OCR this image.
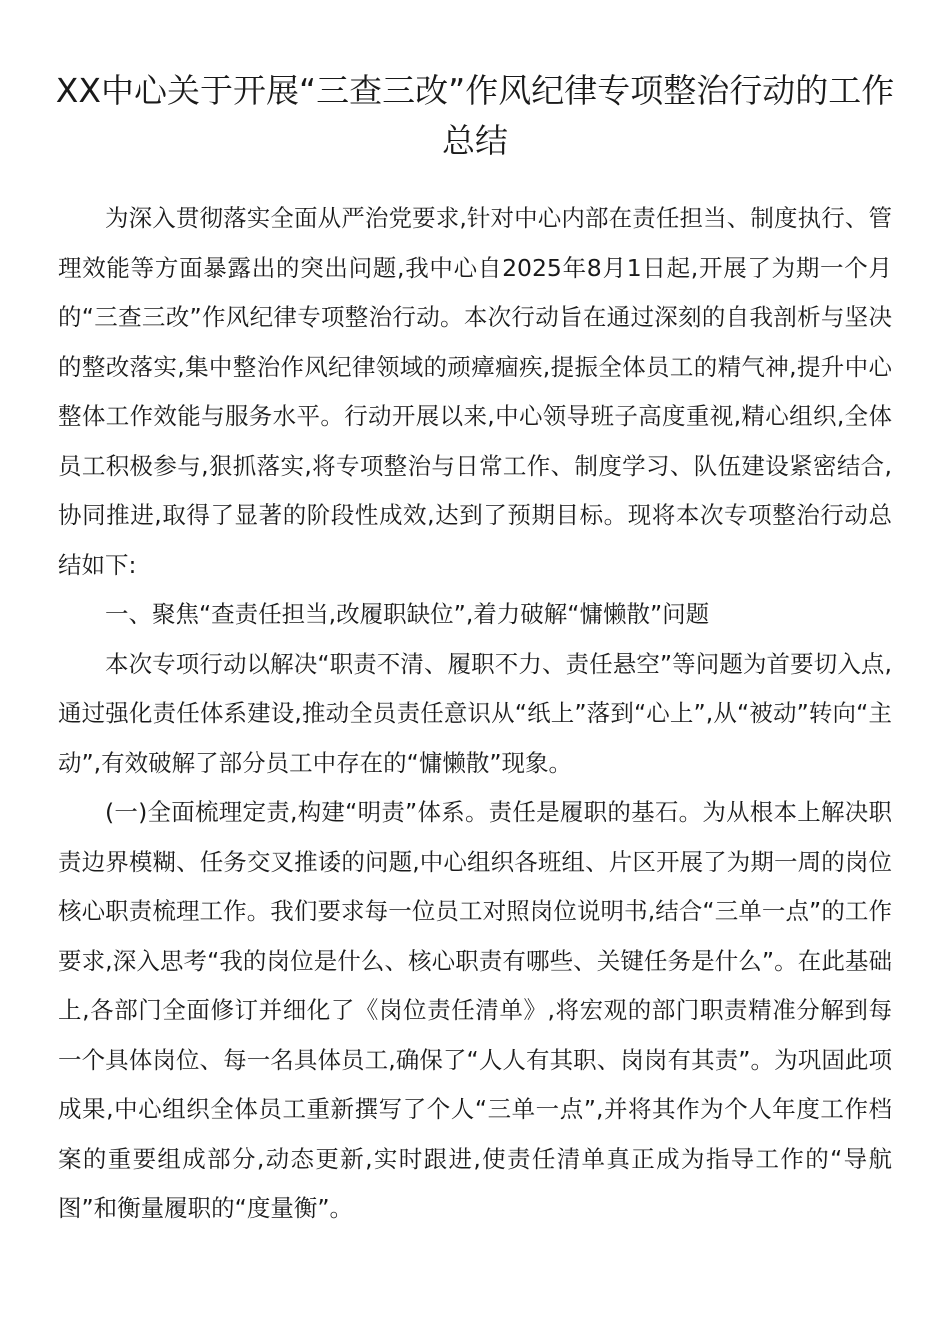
XX中心关于开展“三查三改”作风纪律专项整治行动的工作总结

为深入贯彻落实全面从严治党要求,针对中心内部在责任担当、制度执行、管理效能等方面暴露出的突出问题,我中心自2025年8月1日起,开展了为期一个月的“三查三改”作风纪律专项整治行动。本次行动旨在通过深刻的自我剖析与坚决的整改落实,集中整治作风纪律领域的顽瘴痼疾,提振全体员工的精气神,提升中心整体工作效能与服务水平。行动开展以来,中心领导班子高度重视,精心组织,全体员工积极参与,狠抓落实,将专项整治与日常工作、制度学习、队伍建设紧密结合,协同推进,取得了显著的阶段性成效,达到了预期目标。现将本次专项整治行动总结如下:

一、聚焦“查责任担当,改履职缺位”,着力破解“慵懒散”问题

本次专项行动以解决“职责不清、履职不力、责任悬空”等问题为首要切入点,通过强化责任体系建设,推动全员责任意识从“纸上”落到“心上”,从“被动”转向“主动”,有效破解了部分员工中存在的“慵懒散”现象。

(一)全面梳理定责,构建“明责”体系。责任是履职的基石。为从根本上解决职责边界模糊、任务交叉推诿的问题,中心组织各班组、片区开展了为期一周的岗位核心职责梳理工作。我们要求每一位员工对照岗位说明书,结合“三单一点”的工作要求,深入思考“我的岗位是什么、核心职责有哪些、关键任务是什么”。在此基础上,各部门全面修订并细化了《岗位责任清单》,将宏观的部门职责精准分解到每一个具体岗位、每一名具体员工,确保了“人人有其职、岗岗有其责”。为巩固此项成果,中心组织全体员工重新撰写了个人“三单一点”,并将其作为个人年度工作档案的重要组成部分,动态更新,实时跟进,使责任清单真正成为指导工作的“导航图”和衡量履职的“度量衡”。
